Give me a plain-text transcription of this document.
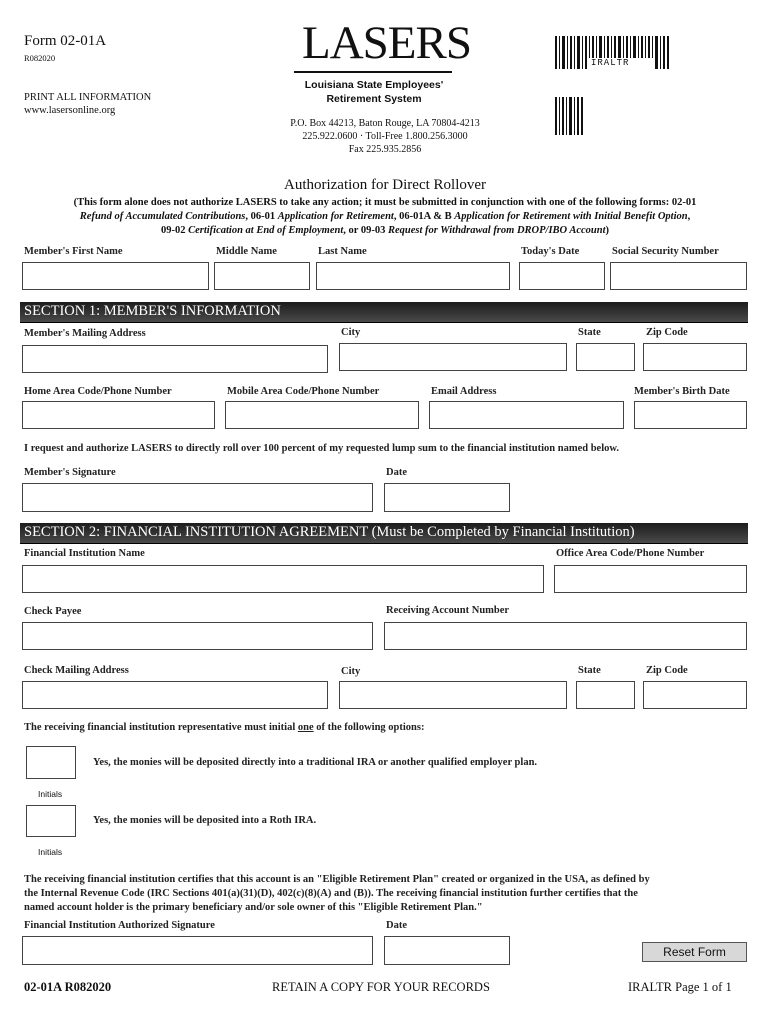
Form 02-01A
R082020
PRINT ALL INFORMATION
www.lasersonline.org
LASERS
Louisiana State Employees'
Retirement System
P.O. Box 44213, Baton Rouge, LA 70804-4213
225.922.0600 · Toll-Free 1.800.256.3000
Fax 225.935.2856
IRALTR
Authorization for Direct Rollover
(This form alone does not authorize LASERS to take any action; it must be submitted in conjunction with one of the following forms: 02-01
Refund of Accumulated Contributions, 06-01 Application for Retirement, 06-01A & B Application for Retirement with Initial Benefit Option,
09-02 Certification at End of Employment, or 09-03 Request for Withdrawal from DROP/IBO Account)
Member's First Name	Middle Name	Last Name	Today's Date	Social Security Number
SECTION 1: MEMBER'S INFORMATION
Member's Mailing Address	City	State	Zip Code
Home Area Code/Phone Number	Mobile Area Code/Phone Number	Email Address	Member's Birth Date
I request and authorize LASERS to directly roll over 100 percent of my requested lump sum to the financial institution named below.
Member's Signature	Date
SECTION 2: FINANCIAL INSTITUTION AGREEMENT (Must be Completed by Financial Institution)
Financial Institution Name	Office Area Code/Phone Number
Check Payee	Receiving Account Number
Check Mailing Address	City	State	Zip Code
The receiving financial institution representative must initial one of the following options:
Yes, the monies will be deposited directly into a traditional IRA or another qualified employer plan.
Initials
Yes, the monies will be deposited into a Roth IRA.
Initials
The receiving financial institution certifies that this account is an "Eligible Retirement Plan" created or organized in the USA, as defined by
the Internal Revenue Code (IRC Sections 401(a)(31)(D), 402(c)(8)(A) and (B)). The receiving financial institution further certifies that the
named account holder is the primary beneficiary and/or sole owner of this "Eligible Retirement Plan."
Financial Institution Authorized Signature	Date
Reset Form
02-01A R082020	RETAIN A COPY FOR YOUR RECORDS	IRALTR Page 1 of 1
